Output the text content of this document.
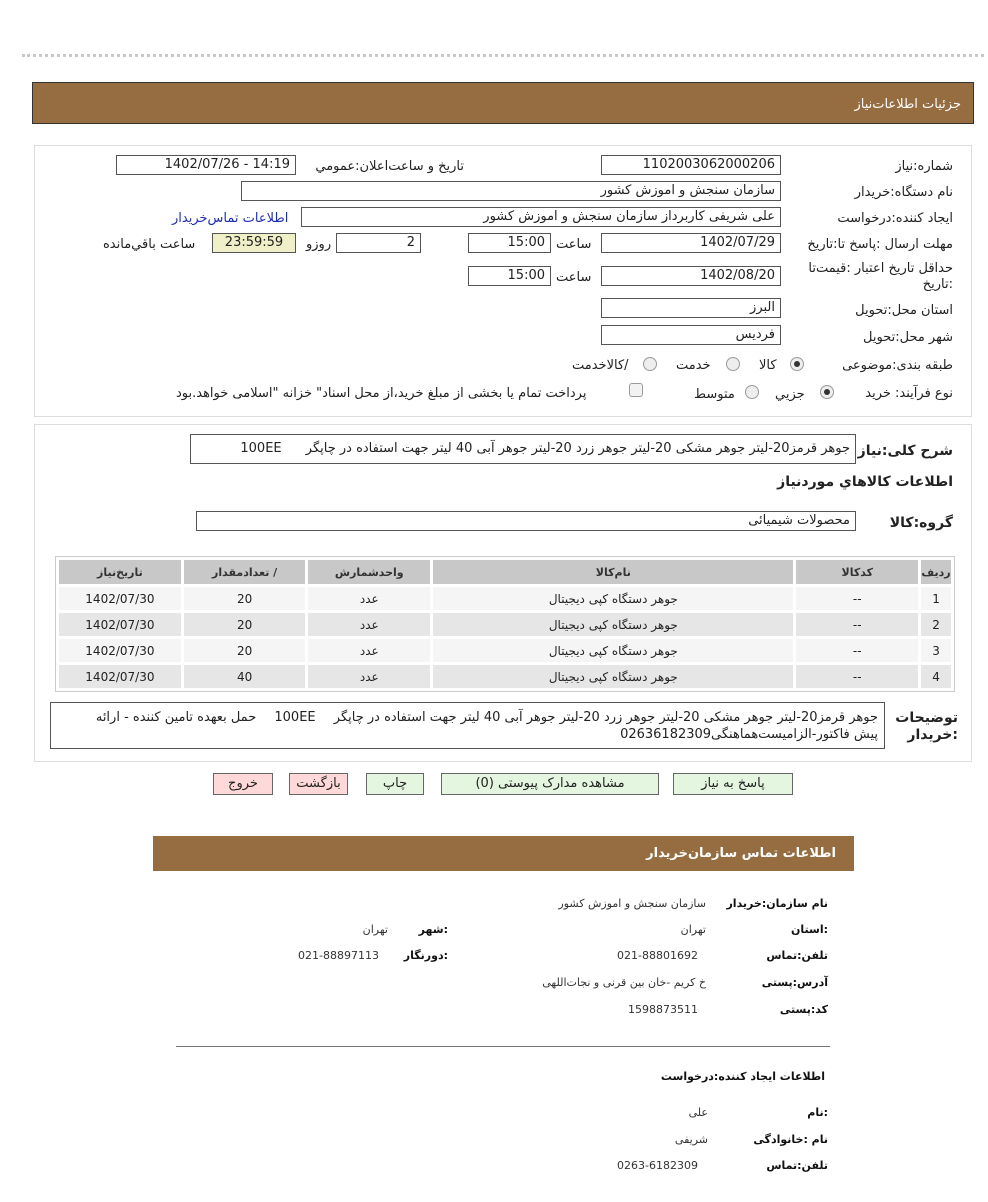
جزئیات اطلاعات‌نیاز
شماره:نیاز
1102003062000206
تاریخ و ساعت‌اعلان:عمومي
1402/07/26 - 14:19
نام دستگاه:خریدار
سازمان سنجش و اموزش کشور
ایجاد کننده:درخواست
علی شریفی کاربرداز سازمان سنجش و اموزش کشور
اطلاعات تماس‌خریدار
مهلت ارسال :پاسخ تا:تاریخ
1402/07/29
ساعت
15:00
2
روزو
23:59:59
ساعت باقي‌مانده
حداقل تاریخ اعتبار :قیمت‌تا :تاریخ
1402/08/20
ساعت
15:00
استان محل:تحویل
البرز
شهر محل:تحویل
فردیس
طبقه بندی:موضوعی
کالا
خدمت
/کالاخدمت
نوع فرآیند: خرید
جزيي
متوسط
پرداخت تمام یا بخشی از مبلغ خرید،از محل اسناد" خزانه "اسلامی خواهد.بود
شرح کلی:نیاز
جوهر قرمز20-لیتر جوهر مشکی 20-لیتر جوهر زرد 20-لیتر جوهر آبی 40 لیتر جهت استفاده در چاپگر 100EE
اطلاعات کالاهاي موردنیاز
گروه:کالا
محصولات شیمیائی
ردیف	کدکالا	نام‌کالا	واحدشمارش	/ تعدادمقدار	تاریخ‌نیاز
1	--	جوهر دستگاه کپی دیجیتال	عدد	20	1402/07/30
2	--	جوهر دستگاه کپی دیجیتال	عدد	20	1402/07/30
3	--	جوهر دستگاه کپی دیجیتال	عدد	20	1402/07/30
4	--	جوهر دستگاه کپی دیجیتال	عدد	40	1402/07/30
توضیحات :خریدار
جوهر قرمز20-لیتر جوهر مشکی 20-لیتر جوهر زرد 20-لیتر جوهر آبی 40 لیتر جهت استفاده در چاپگر 100EE حمل بعهده تامین کننده - ارائه
پیش فاکتور-الزامیست‌هماهنگی02636182309
پاسخ به نیاز
مشاهده مدارک پیوستی (0)
چاپ
بازگشت
خروج
اطلاعات تماس سازمان‌خریدار
نام سازمان:خریدار
سازمان سنجش و اموزش کشور
:استان
تهران
:شهر
تهران
تلفن:تماس
021-88801692
:دورنگار
021-88897113
آدرس:پستی
خ کریم -خان بین قرنی و نجات‌اللهی
کد:پستی
1598873511
اطلاعات ایجاد کننده:درخواست
:نام
علی
نام :خانوادگی
شریفی
تلفن:تماس
0263-6182309
